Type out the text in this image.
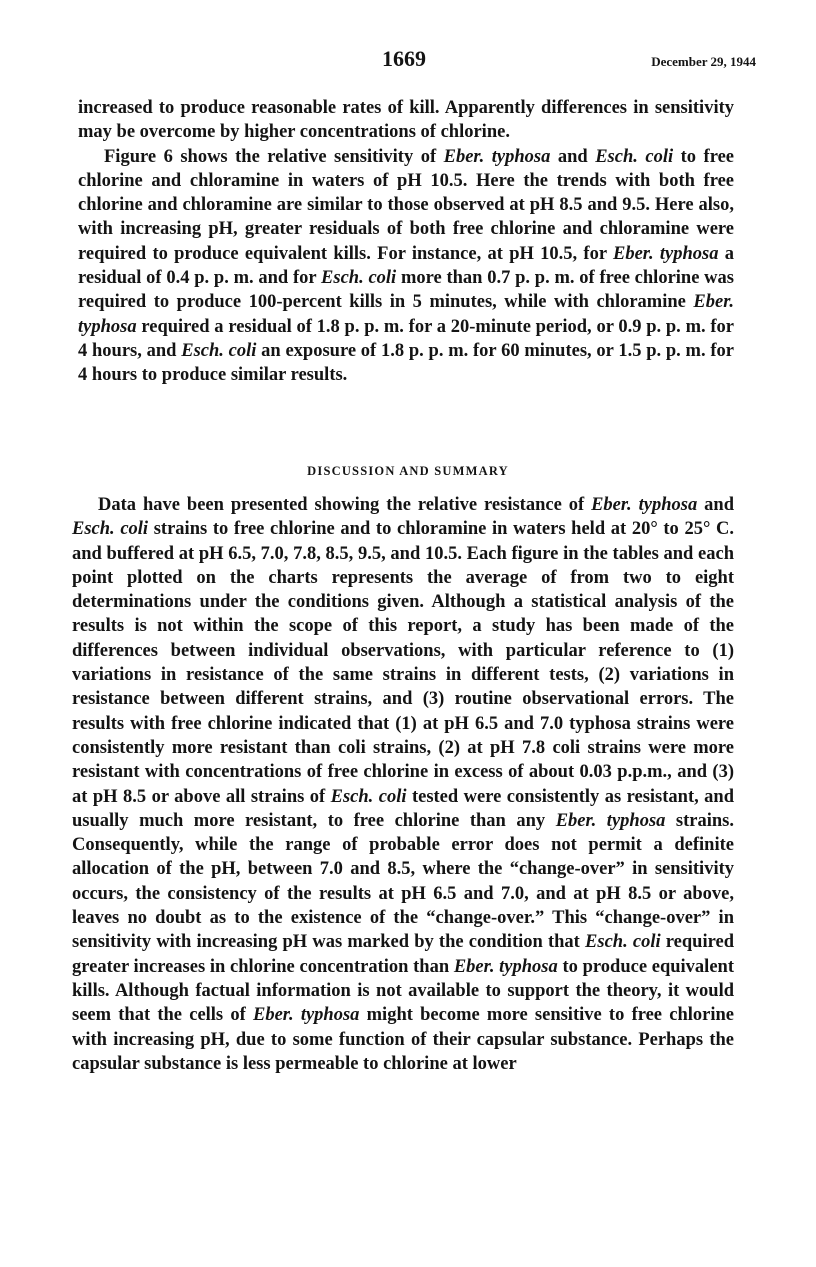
1669	December 29, 1944

increased to produce reasonable rates of kill. Apparently differences in sensitivity may be overcome by higher concentrations of chlorine.

Figure 6 shows the relative sensitivity of Eber. typhosa and Esch. coli to free chlorine and chloramine in waters of pH 10.5. Here the trends with both free chlorine and chloramine are similar to those observed at pH 8.5 and 9.5. Here also, with increasing pH, greater residuals of both free chlorine and chloramine were required to produce equivalent kills. For instance, at pH 10.5, for Eber. typhosa a residual of 0.4 p. p. m. and for Esch. coli more than 0.7 p. p. m. of free chlorine was required to produce 100-percent kills in 5 minutes, while with chloramine Eber. typhosa required a residual of 1.8 p. p. m. for a 20-minute period, or 0.9 p. p. m. for 4 hours, and Esch. coli an exposure of 1.8 p. p. m. for 60 minutes, or 1.5 p. p. m. for 4 hours to produce similar results.

DISCUSSION AND SUMMARY

Data have been presented showing the relative resistance of Eber. typhosa and Esch. coli strains to free chlorine and to chloramine in waters held at 20° to 25° C. and buffered at pH 6.5, 7.0, 7.8, 8.5, 9.5, and 10.5. Each figure in the tables and each point plotted on the charts represents the average of from two to eight determinations under the conditions given. Although a statistical analysis of the results is not within the scope of this report, a study has been made of the differences between individual observations, with particular reference to (1) variations in resistance of the same strains in different tests, (2) variations in resistance between different strains, and (3) routine observational errors. The results with free chlorine indicated that (1) at pH 6.5 and 7.0 typhosa strains were consistently more resistant than coli strains, (2) at pH 7.8 coli strains were more resistant with concentrations of free chlorine in excess of about 0.03 p.p.m., and (3) at pH 8.5 or above all strains of Esch. coli tested were consistently as resistant, and usually much more resistant, to free chlorine than any Eber. typhosa strains. Consequently, while the range of probable error does not permit a definite allocation of the pH, between 7.0 and 8.5, where the “change-over” in sensitivity occurs, the consistency of the results at pH 6.5 and 7.0, and at pH 8.5 or above, leaves no doubt as to the existence of the “change-over.” This “change-over” in sensitivity with increasing pH was marked by the condition that Esch. coli required greater increases in chlorine concentration than Eber. typhosa to produce equivalent kills. Although factual information is not available to support the theory, it would seem that the cells of Eber. typhosa might become more sensitive to free chlorine with increasing pH, due to some function of their capsular substance. Perhaps the capsular substance is less permeable to chlorine at lower
